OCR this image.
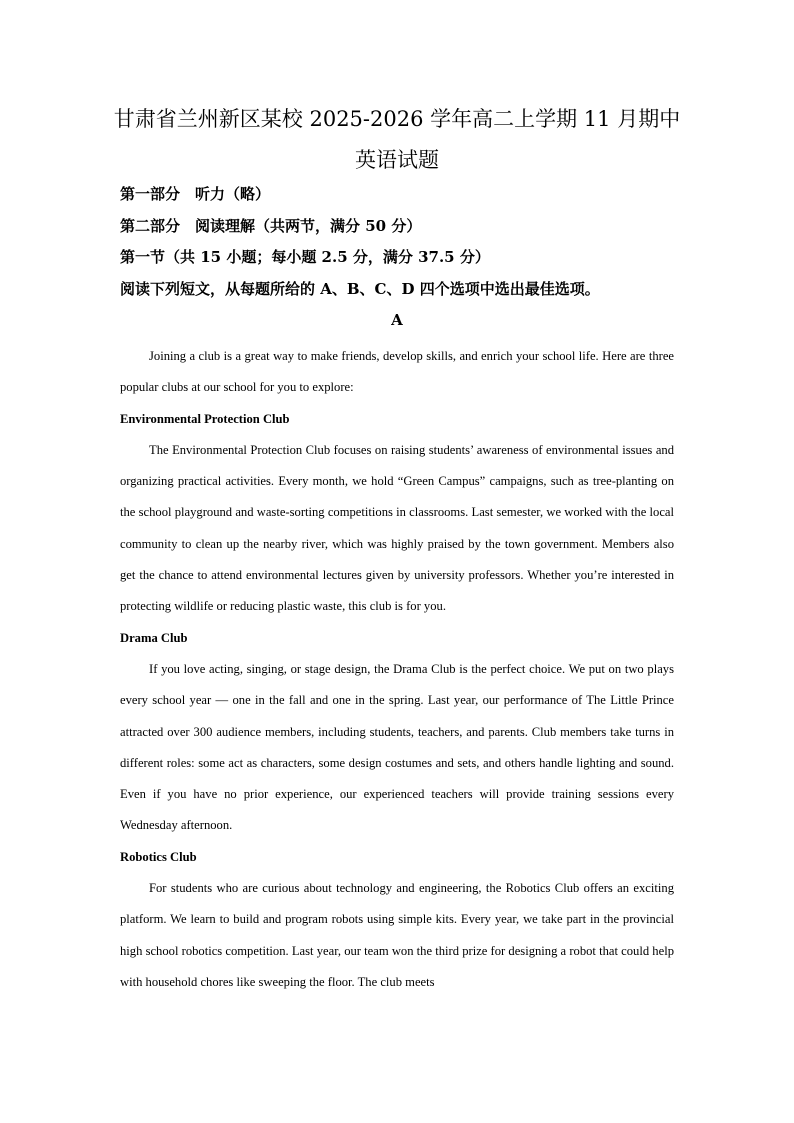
甘肃省兰州新区某校 2025-2026 学年高二上学期 11 月期中
英语试题
第一部分　听力（略）
第二部分　阅读理解（共两节，满分 50 分）
第一节（共 15 小题；每小题 2.5 分，满分 37.5 分）
阅读下列短文，从每题所给的 A、B、C、D 四个选项中选出最佳选项。
A

Joining a club is a great way to make friends, develop skills, and enrich your school life. Here are three popular clubs at our school for you to explore:

Environmental Protection Club

The Environmental Protection Club focuses on raising students’ awareness of environmental issues and organizing practical activities. Every month, we hold “Green Campus” campaigns, such as tree-planting on the school playground and waste-sorting competitions in classrooms. Last semester, we worked with the local community to clean up the nearby river, which was highly praised by the town government. Members also get the chance to attend environmental lectures given by university professors. Whether you’re interested in protecting wildlife or reducing plastic waste, this club is for you.

Drama Club

If you love acting, singing, or stage design, the Drama Club is the perfect choice. We put on two plays every school year — one in the fall and one in the spring. Last year, our performance of The Little Prince attracted over 300 audience members, including students, teachers, and parents. Club members take turns in different roles: some act as characters, some design costumes and sets, and others handle lighting and sound. Even if you have no prior experience, our experienced teachers will provide training sessions every Wednesday afternoon.

Robotics Club

For students who are curious about technology and engineering, the Robotics Club offers an exciting platform. We learn to build and program robots using simple kits. Every year, we take part in the provincial high school robotics competition. Last year, our team won the third prize for designing a robot that could help with household chores like sweeping the floor. The club meets
